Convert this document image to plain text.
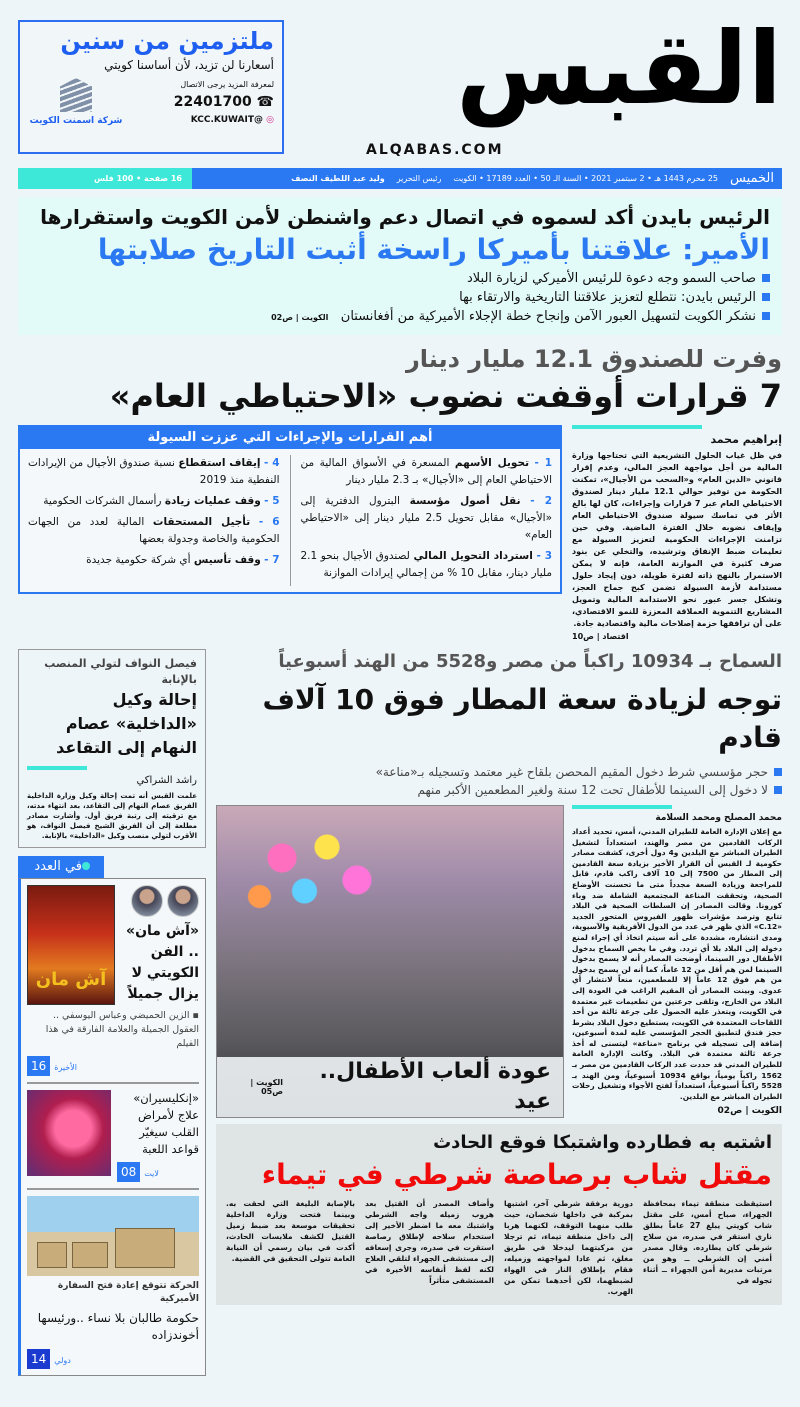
القبس
ALQABAS.COM
ملتزمين من سنين
أسعارنا لن تزيد، لأن أساسنا كويتي
لمعرفة المزيد يرجى الاتصال
☎ 22401700
◎ @KCC.KUWAIT
شركة اسمنت الكويت
الخميس
25 محرم 1443 هـ • 2 سبتمبر 2021 • السنة الـ 50 • العدد 17189 • الكويت
رئيس التحرير
وليد عبد اللطيف النصف
16 صفحة • 100 فلس
الرئيس بايدن أكد لسموه في اتصال دعم واشنطن لأمن الكويت واستقرارها
الأمير: علاقتنا بأميركا راسخة أثبت التاريخ صلابتها
صاحب السمو وجه دعوة للرئيس الأميركي لزيارة البلاد
الرئيس بايدن: نتطلع لتعزيز علاقتنا التاريخية والارتقاء بها
نشكر الكويت لتسهيل العبور الآمن وإنجاح خطة الإجلاء الأميركية من أفغانستان   الكويت | ص02
وفرت للصندوق 12.1 مليار دينار
7 قرارات أوقفت نضوب «الاحتياطي العام»
إبراهيم محمد
في ظل غياب الحلول التشريعية التي تحتاجها وزارة المالية من أجل مواجهة العجز المالي، وعدم إقرار قانوني «الدين العام» و«السحب من الأجيال»، تمكنت الحكومة من توفير حوالي 12.1 مليار دينار لصندوق الاحتياطي العام عبر 7 قرارات وإجراءات، كان لها بالغ الأثر في تماسك سيولة صندوق الاحتياطي العام وإيقاف نضوبه خلال الفترة الماضية. وفي حين تزامنت الإجراءات الحكومية لتعزيز السيولة مع تعليمات ضبط الإنفاق وترشيده، والتخلي عن بنود صرف كثيرة في الموازنة العامة، فإنه لا يمكن الاستمرار بالنهج ذاته لفترة طويلة، دون إيجاد حلول مستدامة لأزمة السيولة تضمن كبح جماح العجز، وتشكل جسر عبور نحو الاستدامة المالية وتمويل المشاريع التنموية العملاقة المعززة للنمو الاقتصادي، على أن ترافقها حزمة إصلاحات مالية واقتصادية جادة.
اقتصاد | ص10
أهم القرارات والإجراءات التي عززت السيولة

1 - تحويل الأسهم المسعرة في الأسواق المالية من الاحتياطي العام إلى «الأجيال» بـ 2.3 مليار دينار

2 - نقل أصول مؤسسة البترول الدفترية إلى «الأجيال» مقابل تحويل 2.5 مليار دينار إلى «الاحتياطي العام»

3 - استرداد التحويل المالي لصندوق الأجيال بنحو 2.1 مليار دينار، مقابل 10 % من إجمالي إيرادات الموازنة

4 - إيقاف استقطاع نسبة صندوق الأجيال من الإيرادات النفطية منذ 2019

5 - وقف عمليات زيادة رأسمال الشركات الحكومية

6 - تأجيل المستحقات المالية لعدد من الجهات الحكومية والخاصة وجدولة بعضها

7 - وقف تأسيس أي شركة حكومية جديدة

السماح بـ 10934 راكباً من مصر و5528 من الهند أسبوعياً
توجه لزيادة سعة المطار فوق 10 آلاف قادم
حجر مؤسسي شرط دخول المقيم المحصن بلقاح غير معتمد وتسجيله بـ«مناعة»
لا دخول إلى السينما للأطفال تحت 12 سنة ولغير المطعمين الأكبر منهم
محمد المصلح ومحمد السلامة
مع إعلان الإدارة العامة للطيران المدني، أمس، تحديد أعداد الركاب القادمين من مصر والهند، استعداداً لتشغيل الطيران المباشر مع البلدين و4 دول أخرى، كشفت مصادر حكومية لـ القبس أن القرار الأخير بزيادة سعة القادمين إلى المطار من 7500 إلى 10 آلاف راكب قادم، قابل للمراجعة وزيادة السعة مجدداً متى ما تحسنت الأوضاع الصحية، وتحققت المناعة المجتمعية الشاملة ضد وباء كورونا. وقالت المصادر إن السلطات الصحية في البلاد تتابع وترصد مؤشرات ظهور الفيروس المتحور الجديد «C.12» الذي ظهر في عدد من الدول الأفريقية والآسيوية، ومدى انتشاره، مشددة على أنه سيتم اتخاذ أي إجراء لمنع دخوله إلى البلاد بلا أي تردد. وفي ما يخص السماح بدخول الأطفال دور السينما، أوضحت المصادر أنه لا يسمح بدخول السينما لمن هم أقل من 12 عاماً، كما أنه لن يسمح بدخول من هم فوق 12 عاماً إلا للمطعمين، منعاً لانتشار أي عدوى. وبينت المصادر أن المقيم الراغب في العودة إلى البلاد من الخارج، وتلقى جرعتين من تطعيمات غير معتمدة في الكويت، ويتعذر عليه الحصول على جرعة ثالثة من أحد اللقاحات المعتمدة في الكويت، يستطيع دخول البلاد بشرط حجز فندق لتطبيق الحجر المؤسسي عليه لمدة أسبوعين، إضافة إلى تسجيله في برنامج «مناعة» ليتسنى له أخذ جرعة ثالثة معتمدة في البلاد. وكانت الإدارة العامة للطيران المدني قد حددت عدد الركاب القادمين من مصر بـ 1562 راكباً يومياً، بواقع 10934 أسبوعياً، ومن الهند بـ 5528 راكباً أسبوعياً، استعداداً لفتح الأجواء وتشغيل رحلات الطيران المباشر مع البلدين.
الكويت | ص02
عودة ألعاب الأطفال.. عيد
الكويت | ص05
اشتبه به فطارده واشتبكا فوقع الحادث
مقتل شاب برصاصة شرطي في تيماء
استيقظت منطقة تيماء بمحافظة الجهراء، صباح أمس، على مقتل شاب كويتي يبلغ 27 عاماً بطلق ناري استقر في صدره، من سلاح شرطي كان يطارده. وقال مصدر أمني إن الشرطي ــ وهو من مرتبات مديرية أمن الجهراء ــ أثناء تجوله في
دورية برفقة شرطي آخر، اشتبها بمركبة في داخلها شخصان، حيث طلب منهما التوقف، لكنهما هربا إلى داخل منطقة تيماء، ثم ترجلا من مركبتهما ليدخلا في طريق مغلق، ثم عادا لمواجهته وزميله، فقام بإطلاق النار في الهواء لضبطهما، لكن أحدهما تمكن من الهرب.
وأضاف المصدر أن القتيل بعد هروب زميله واجه الشرطي واشتبك معه ما اضطر الأخير إلى استخدام سلاحه لإطلاق رصاصة استقرت في صدره، وجرى إسعافه إلى مستشفى الجهراء لتلقي العلاج لكنه لفظ أنفاسه الأخيرة في المستشفى متأثراً
بالإصابة البليغة التي لحقت به. وبينما فتحت وزارة الداخلية تحقيقات موسعة بعد ضبط زميل القتيل لكشف ملابسات الحادث، أكدت في بيان رسمي أن النيابة العامة تتولى التحقيق في القضية.
فيصل النواف لتولي المنصب بالإنابة
إحالة وكيل «الداخلية» عصام النهام إلى التقاعد
راشد الشراكي
علمت القبس أنه تمت إحالة وكيل وزارة الداخلية الفريق عصام النهام إلى التقاعد، بعد انتهاء مدته، مع ترقيته إلى رتبة فريق أول. وأشارت مصادر مطلعة إلى أن الفريق الشيخ فيصل النواف، هو الأقرب لتولي منصب وكيل «الداخلية» بالإنابة.
في العدد
«آش مان» .. الفن الكويتي لا يزال جميلاً
آش مان
▪ الزين الحميضي وعباس اليوسفي .. العقول الجميلة والعلامة الفارقة في هذا الفيلم
الأخيرة16
«إنكليسيران» علاج لأمراض القلب سيغيّر قواعد اللعبة
لايت08
الحركة تتوقع إعادة فتح السفارة الأميركية
حكومة طالبان بلا نساء ..ورئيسها أخوندزاده
دولي14
